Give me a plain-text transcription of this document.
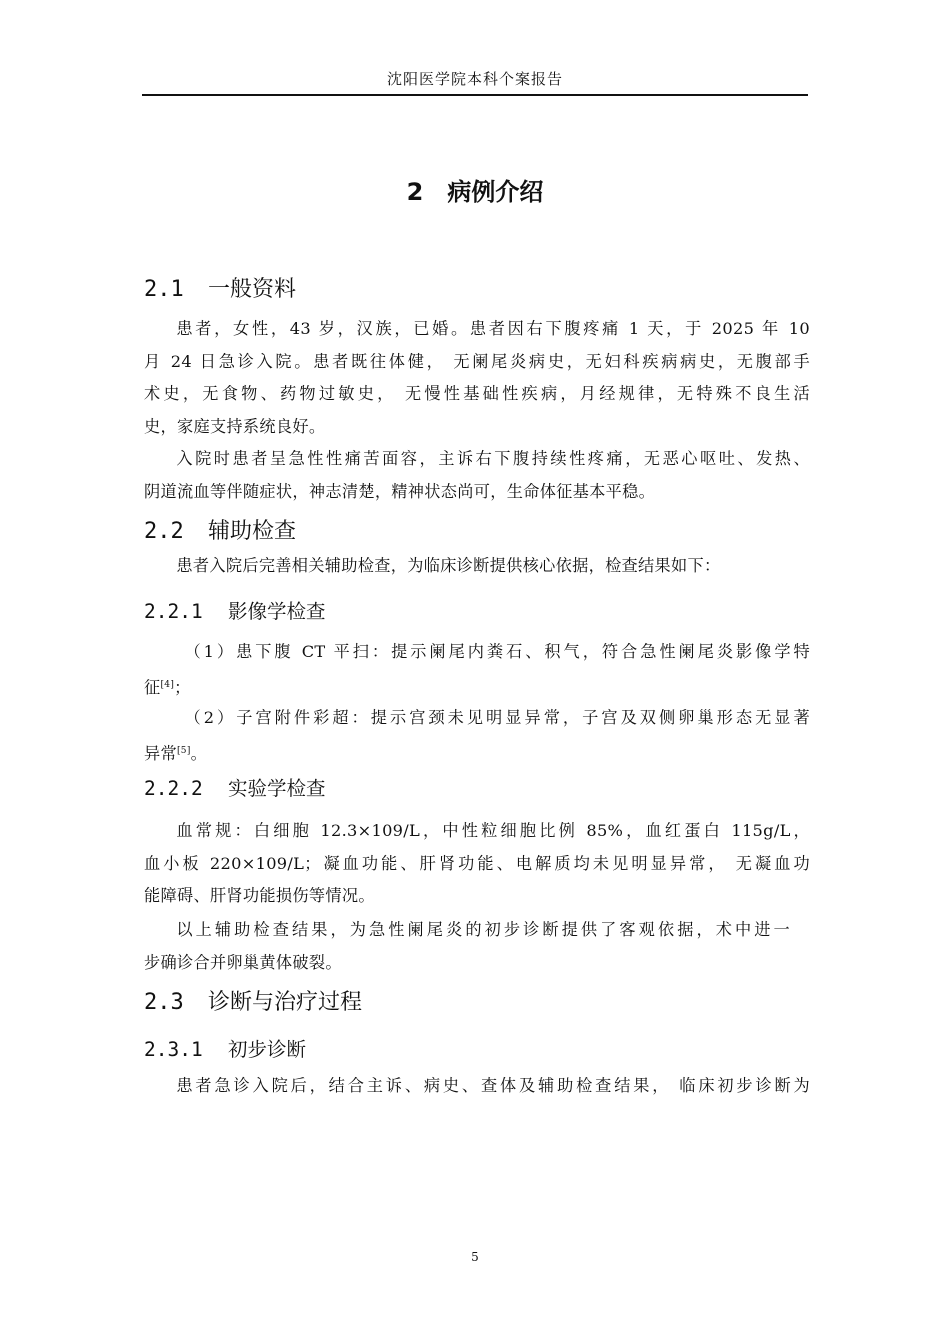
沈阳医学院本科个案报告
2　病例介绍
2.1 一般资料
患者，女性，43 岁，汉族，已婚。患者因右下腹疼痛 1 天，于 2025 年 10
月 24 日急诊入院。患者既往体健， 无阑尾炎病史，无妇科疾病病史，无腹部手
术史，无食物、药物过敏史， 无慢性基础性疾病，月经规律，无特殊不良生活
史，家庭支持系统良好。
入院时患者呈急性性痛苦面容，主诉右下腹持续性疼痛，无恶心呕吐、发热、
阴道流血等伴随症状，神志清楚，精神状态尚可，生命体征基本平稳。
2.2 辅助检查
患者入院后完善相关辅助检查，为临床诊断提供核心依据，检查结果如下：
2.2.1 影像学检查
（1）患下腹 CT 平扫：提示阑尾内粪石、积气，符合急性阑尾炎影像学特
征[4]；
（2）子宫附件彩超：提示宫颈未见明显异常，子宫及双侧卵巢形态无显著
异常[5]。
2.2.2 实验学检查
血常规：白细胞 12.3×109/L，中性粒细胞比例 85%，血红蛋白 115g/L，
血小板 220×109/L；凝血功能、肝肾功能、电解质均未见明显异常， 无凝血功
能障碍、肝肾功能损伤等情况。
以上辅助检查结果，为急性阑尾炎的初步诊断提供了客观依据，术中进一
步确诊合并卵巢黄体破裂。
2.3 诊断与治疗过程
2.3.1 初步诊断
患者急诊入院后，结合主诉、病史、查体及辅助检查结果， 临床初步诊断为
5
